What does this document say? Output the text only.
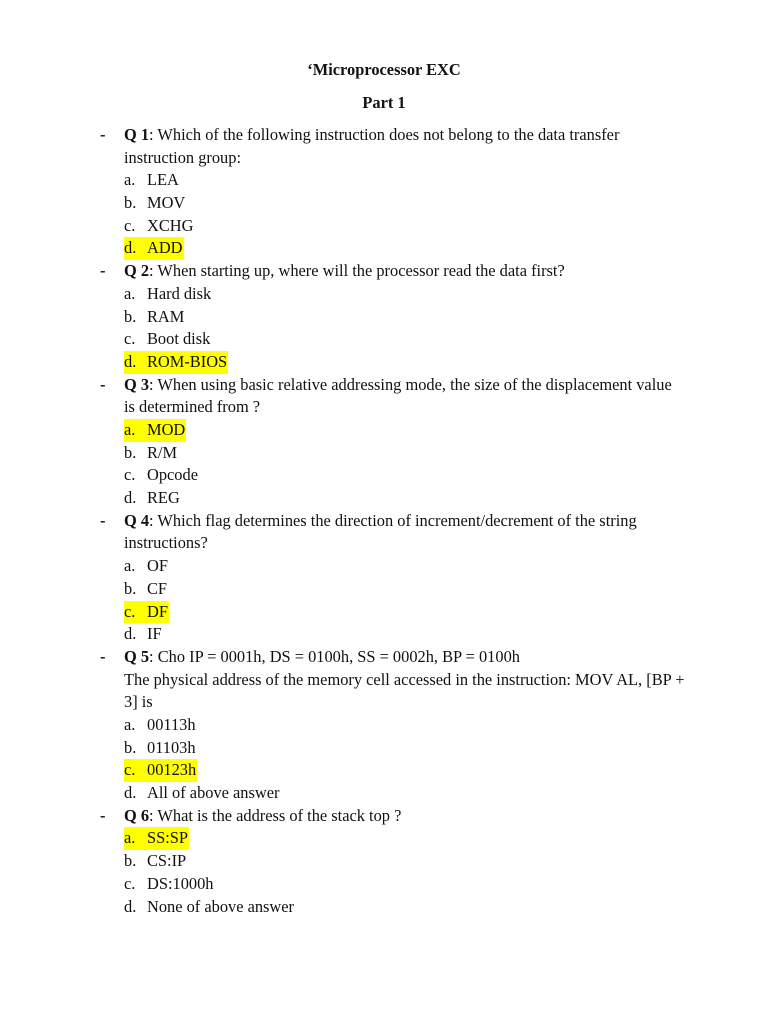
‘Microprocessor EXC
Part 1
- Q 1: Which of the following instruction does not belong to the data transfer instruction group:
a. LEA
b. MOV
c. XCHG
d. ADD
- Q 2: When starting up, where will the processor read the data first?
a. Hard disk
b. RAM
c. Boot disk
d. ROM-BIOS
- Q 3: When using basic relative addressing mode, the size of the displacement value is determined from ?
a. MOD
b. R/M
c. Opcode
d. REG
- Q 4: Which flag determines the direction of increment/decrement of the string instructions?
a. OF
b. CF
c. DF
d. IF
- Q 5: Cho IP = 0001h, DS = 0100h, SS = 0002h, BP = 0100h
The physical address of the memory cell accessed in the instruction: MOV AL, [BP + 3] is
a. 00113h
b. 01103h
c. 00123h
d. All of above answer
- Q 6: What is the address of the stack top ?
a. SS:SP
b. CS:IP
c. DS:1000h
d. None of above answer
